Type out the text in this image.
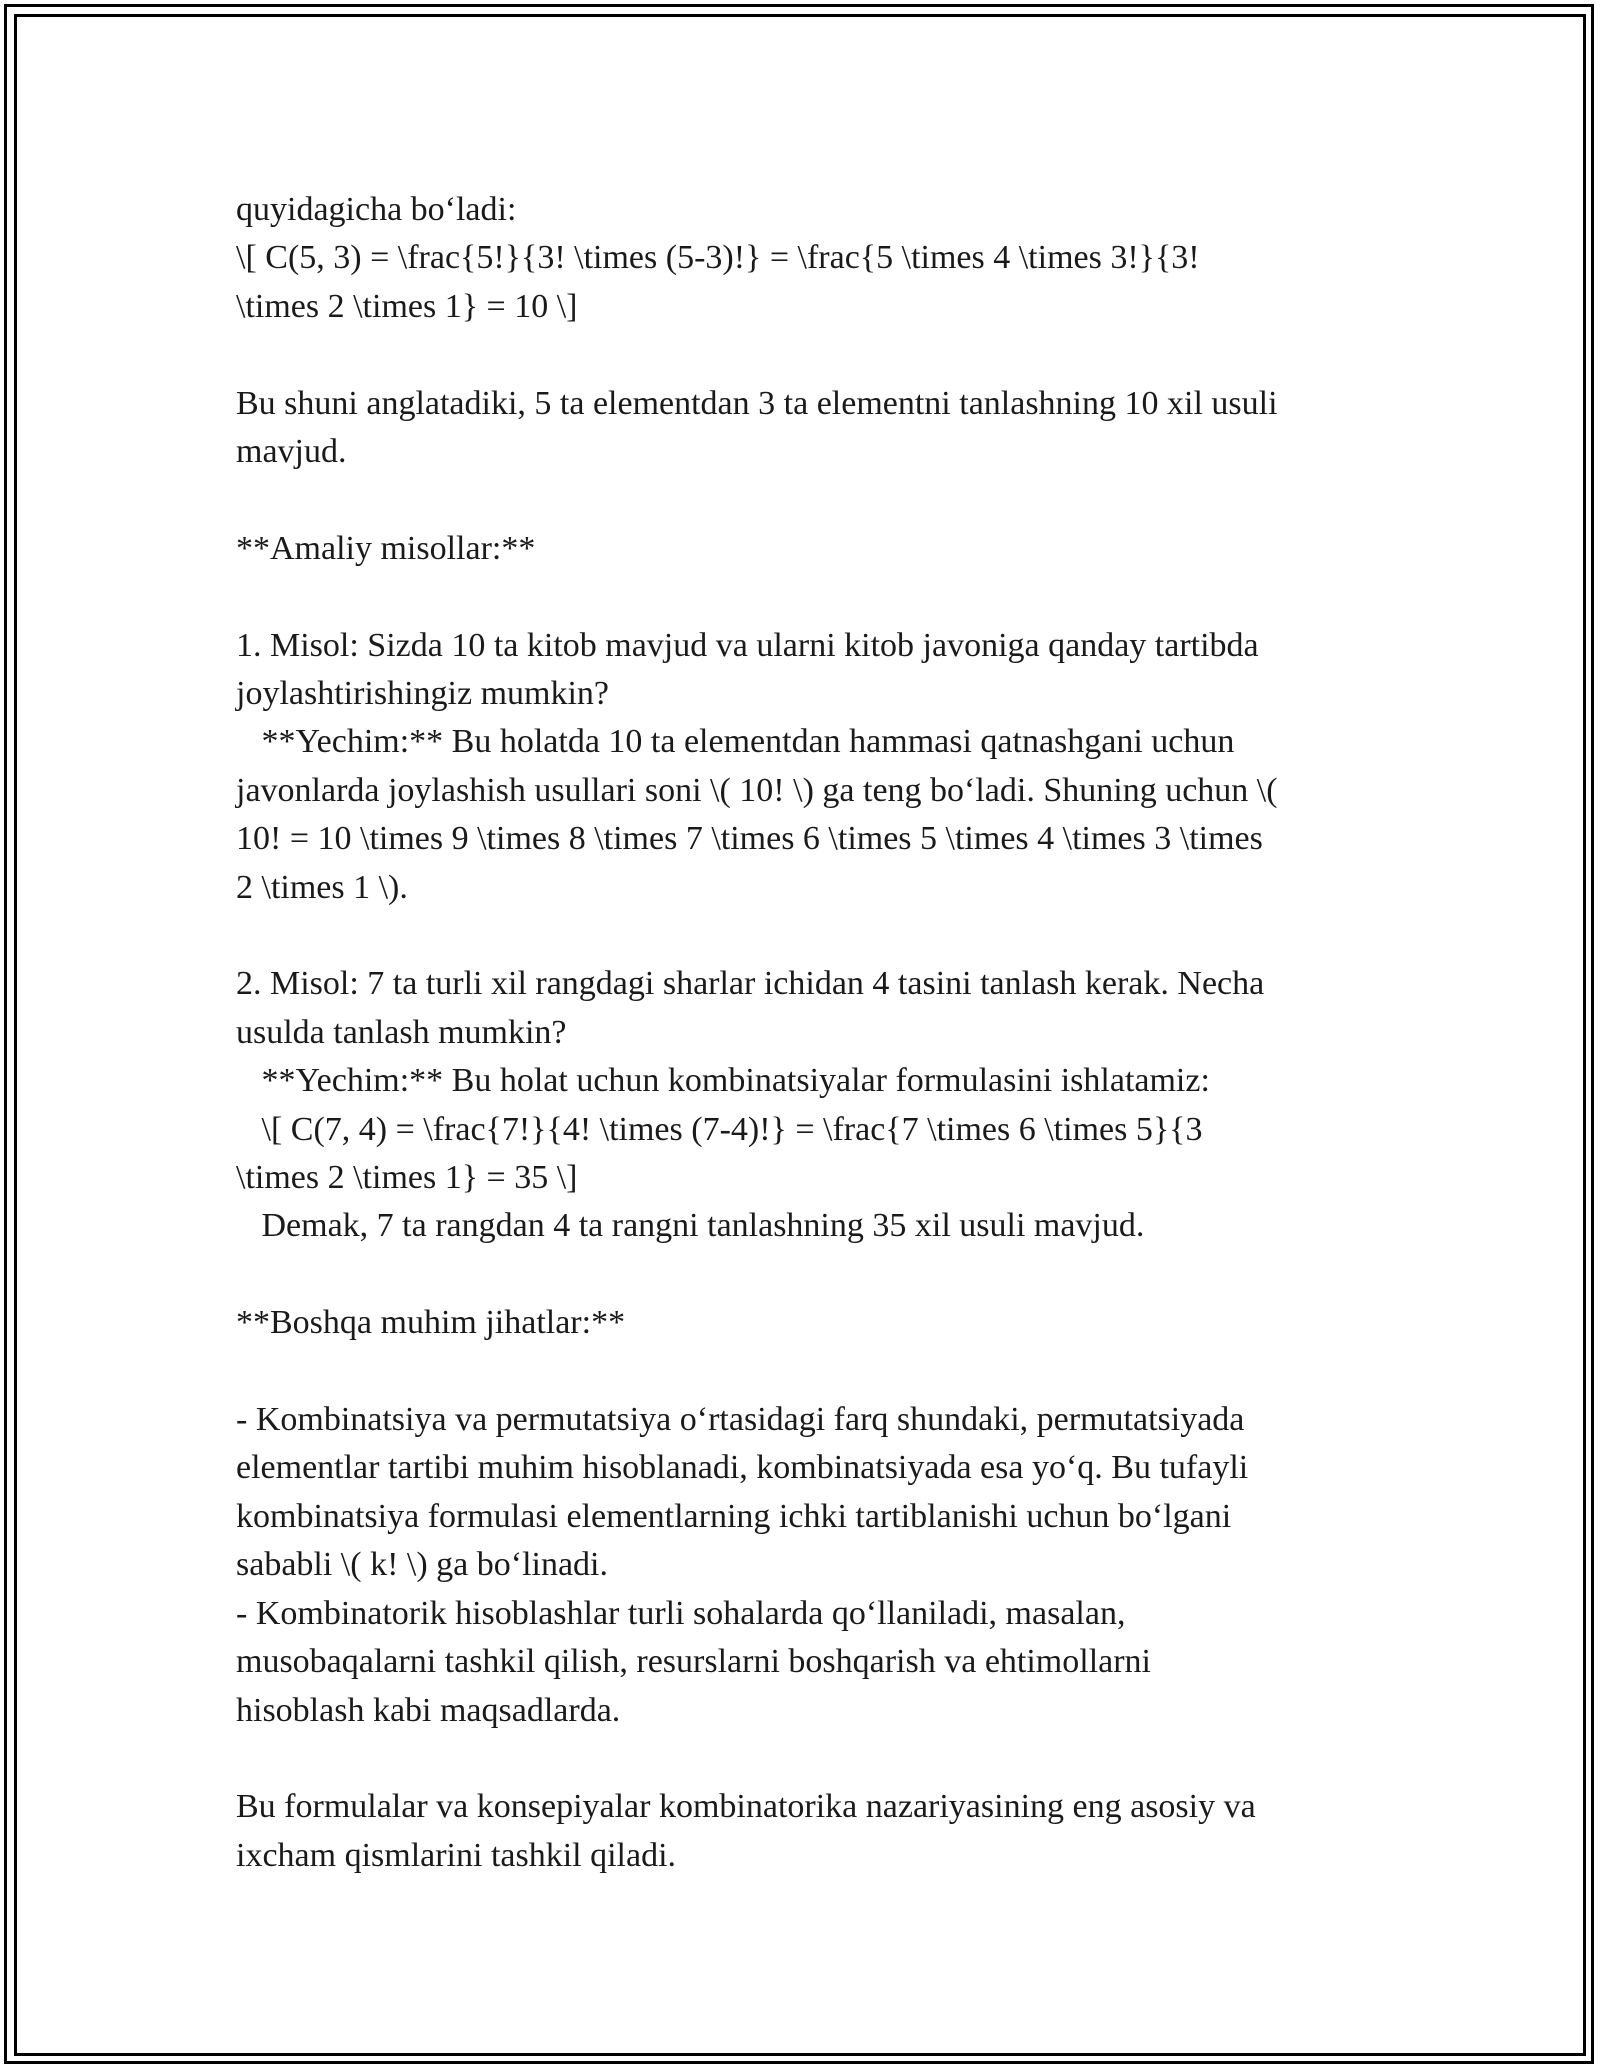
quyidagicha bo‘ladi:
\[ C(5, 3) = \frac{5!}{3! \times (5-3)!} = \frac{5 \times 4 \times 3!}{3!
\times 2 \times 1} = 10 \]
Bu shuni anglatadiki, 5 ta elementdan 3 ta elementni tanlashning 10 xil usuli
mavjud.
**Amaliy misollar:**
1. Misol: Sizda 10 ta kitob mavjud va ularni kitob javoniga qanday tartibda
joylashtirishingiz mumkin?
**Yechim:** Bu holatda 10 ta elementdan hammasi qatnashgani uchun
javonlarda joylashish usullari soni \( 10! \) ga teng bo‘ladi. Shuning uchun \(
10! = 10 \times 9 \times 8 \times 7 \times 6 \times 5 \times 4 \times 3 \times
2 \times 1 \).
2. Misol: 7 ta turli xil rangdagi sharlar ichidan 4 tasini tanlash kerak. Necha
usulda tanlash mumkin?
**Yechim:** Bu holat uchun kombinatsiyalar formulasini ishlatamiz:
\[ C(7, 4) = \frac{7!}{4! \times (7-4)!} = \frac{7 \times 6 \times 5}{3
\times 2 \times 1} = 35 \]
Demak, 7 ta rangdan 4 ta rangni tanlashning 35 xil usuli mavjud.
**Boshqa muhim jihatlar:**
- Kombinatsiya va permutatsiya o‘rtasidagi farq shundaki, permutatsiyada
elementlar tartibi muhim hisoblanadi, kombinatsiyada esa yo‘q. Bu tufayli
kombinatsiya formulasi elementlarning ichki tartiblanishi uchun bo‘lgani
sababli \( k! \) ga bo‘linadi.
- Kombinatorik hisoblashlar turli sohalarda qo‘llaniladi, masalan,
musobaqalarni tashkil qilish, resurslarni boshqarish va ehtimollarni
hisoblash kabi maqsadlarda.
Bu formulalar va konsepiyalar kombinatorika nazariyasining eng asosiy va
ixcham qismlarini tashkil qiladi.
